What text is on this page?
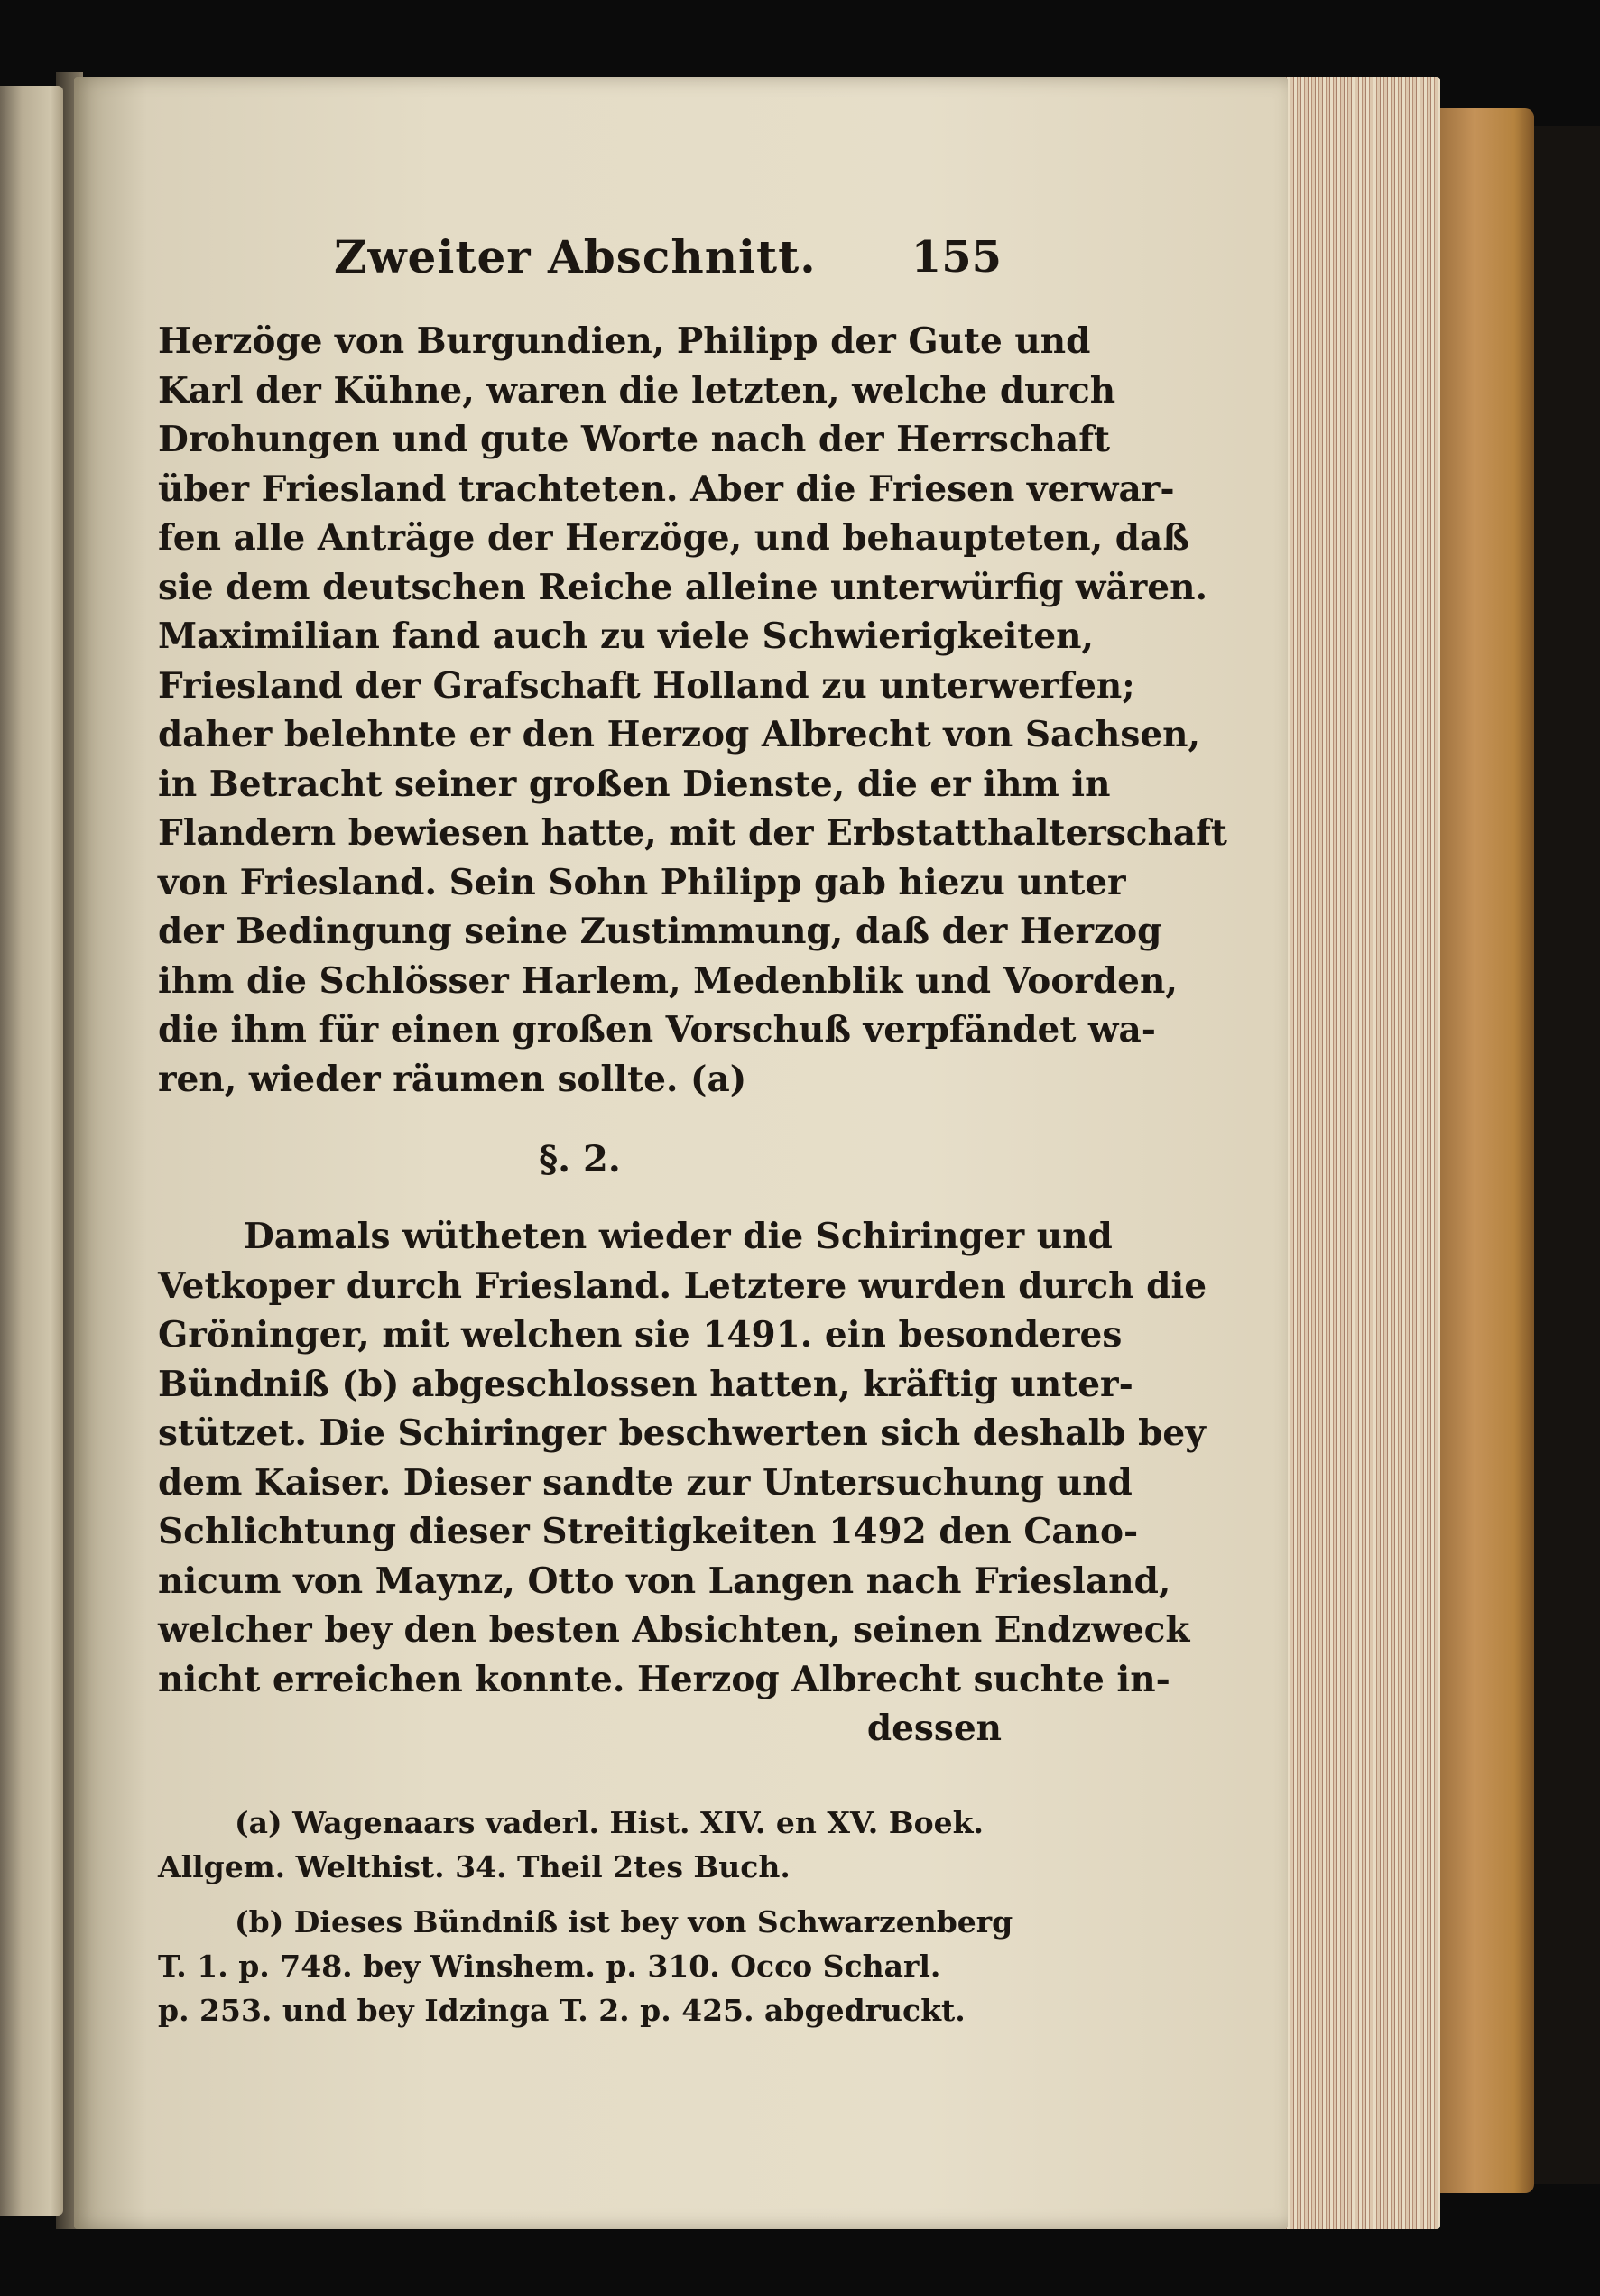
Zweiter Abschnitt. 155
Herzöge von Burgundien, Philipp der Gute und
Karl der Kühne, waren die letzten, welche durch
Drohungen und gute Worte nach der Herrschaft
über Friesland trachteten. Aber die Friesen verwar-
fen alle Anträge der Herzöge, und behaupteten, daß
sie dem deutschen Reiche alleine unterwürfig wären.
Maximilian fand auch zu viele Schwierigkeiten,
Friesland der Grafschaft Holland zu unterwerfen;
daher belehnte er den Herzog Albrecht von Sachsen,
in Betracht seiner großen Dienste, die er ihm in
Flandern bewiesen hatte, mit der Erbstatthalterschaft
von Friesland. Sein Sohn Philipp gab hiezu unter
der Bedingung seine Zustimmung, daß der Herzog
ihm die Schlösser Harlem, Medenblik und Voorden,
die ihm für einen großen Vorschuß verpfändet wa-
ren, wieder räumen sollte. (a)
§. 2.
Damals wütheten wieder die Schiringer und
Vetkoper durch Friesland. Letztere wurden durch die
Gröninger, mit welchen sie 1491. ein besonderes
Bündniß (b) abgeschlossen hatten, kräftig unter-
stützet. Die Schiringer beschwerten sich deshalb bey
dem Kaiser. Dieser sandte zur Untersuchung und
Schlichtung dieser Streitigkeiten 1492 den Cano-
nicum von Maynz, Otto von Langen nach Friesland,
welcher bey den besten Absichten, seinen Endzweck
nicht erreichen konnte. Herzog Albrecht suchte in-
dessen
(a) Wagenaars vaderl. Hist. XIV. en XV. Boek.
Allgem. Welthist. 34. Theil 2tes Buch.
(b) Dieses Bündniß ist bey von Schwarzenberg
T. 1. p. 748. bey Winshem. p. 310. Occo Scharl.
p. 253. und bey Idzinga T. 2. p. 425. abgedruckt.
